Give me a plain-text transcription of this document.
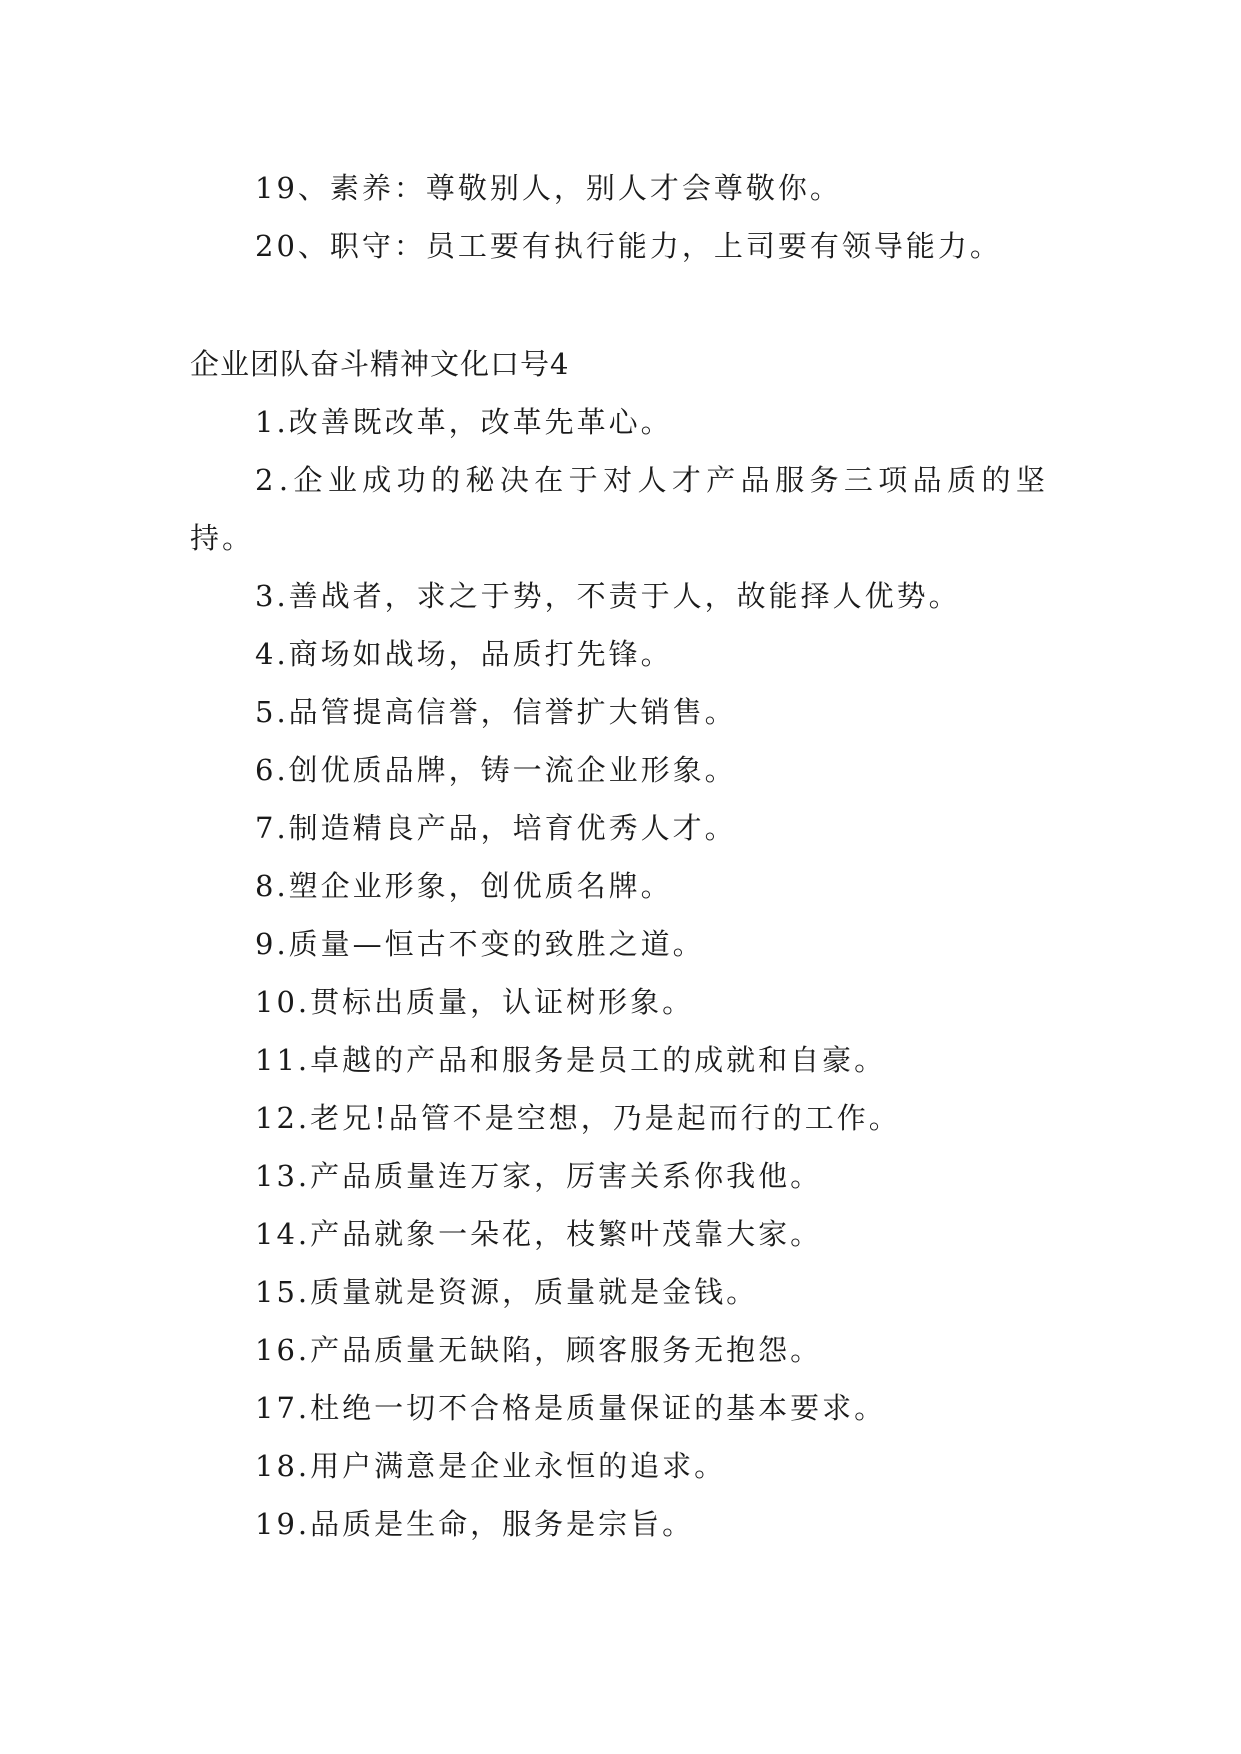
19、素养：尊敬别人，别人才会尊敬你。
20、职守：员工要有执行能力，上司要有领导能力。
企业团队奋斗精神文化口号4
1.改善既改革，改革先革心。
2.企业成功的秘决在于对人才产品服务三项品质的坚
持。
3.善战者，求之于势，不责于人，故能择人优势。
4.商场如战场，品质打先锋。
5.品管提高信誉，信誉扩大销售。
6.创优质品牌，铸一流企业形象。
7.制造精良产品，培育优秀人才。
8.塑企业形象，创优质名牌。
9.质量—恒古不变的致胜之道。
10.贯标出质量，认证树形象。
11.卓越的产品和服务是员工的成就和自豪。
12.老兄!品管不是空想，乃是起而行的工作。
13.产品质量连万家，厉害关系你我他。
14.产品就象一朵花，枝繁叶茂靠大家。
15.质量就是资源，质量就是金钱。
16.产品质量无缺陷，顾客服务无抱怨。
17.杜绝一切不合格是质量保证的基本要求。
18.用户满意是企业永恒的追求。
19.品质是生命，服务是宗旨。
